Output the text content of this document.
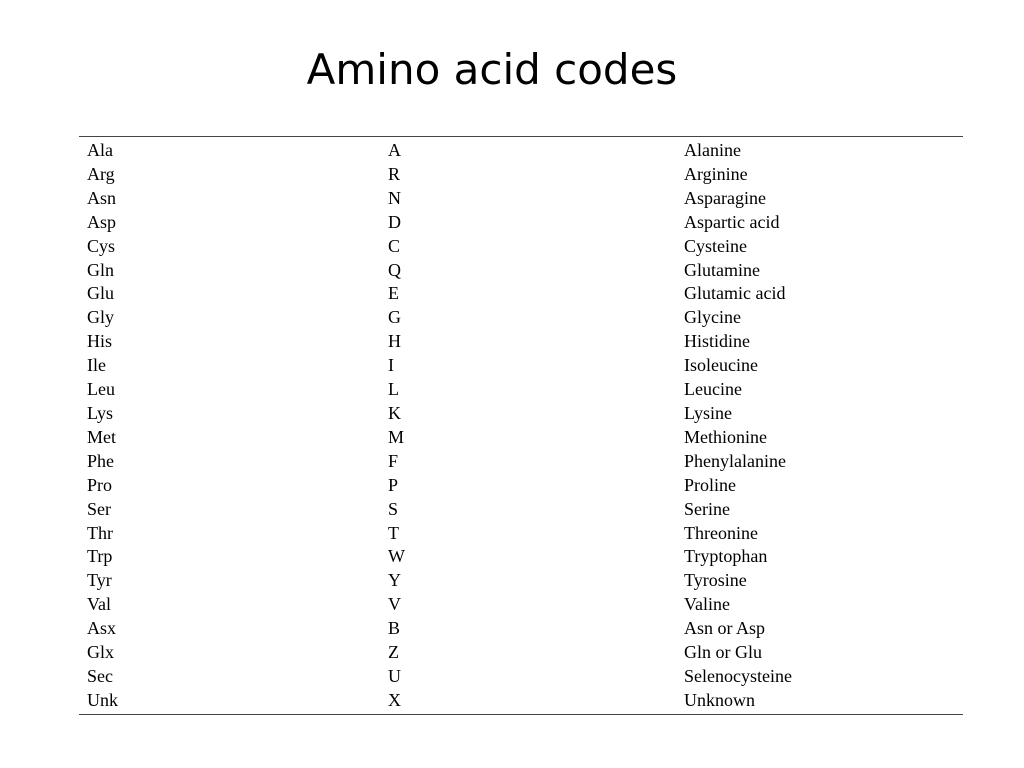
Amino acid codes
Ala	A	Alanine
Arg	R	Arginine
Asn	N	Asparagine
Asp	D	Aspartic acid
Cys	C	Cysteine
Gln	Q	Glutamine
Glu	E	Glutamic acid
Gly	G	Glycine
His	H	Histidine
Ile	I	Isoleucine
Leu	L	Leucine
Lys	K	Lysine
Met	M	Methionine
Phe	F	Phenylalanine
Pro	P	Proline
Ser	S	Serine
Thr	T	Threonine
Trp	W	Tryptophan
Tyr	Y	Tyrosine
Val	V	Valine
Asx	B	Asn or Asp
Glx	Z	Gln or Glu
Sec	U	Selenocysteine
Unk	X	Unknown
